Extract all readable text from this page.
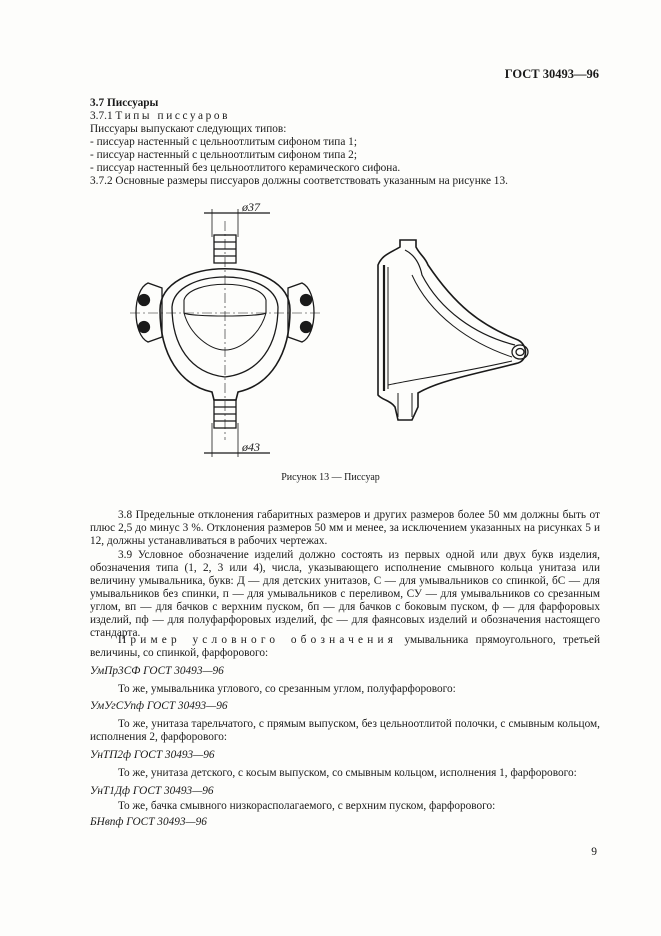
ГОСТ 30493—96

3.7 Писсуары

3.7.1 Типы писсуаров

Писсуары выпускают следующих типов:

- писсуар настенный с цельноотлитым сифоном типа 1;

- писсуар настенный с цельноотлитым сифоном типа 2;

- писсуар настенный без цельноотлитого керамического сифона.

3.7.2 Основные размеры писсуаров должны соответствовать указанным на рисунке 13.

ø37
ø43
Рисунок 13 — Писсуар

3.8 Предельные отклонения габаритных размеров и других размеров более 50 мм должны быть от плюс 2,5 до минус 3 %. Отклонения размеров 50 мм и менее, за исключением указанных на рисунках 5 и 12, должны устанавливаться в рабочих чертежах.

3.9 Условное обозначение изделий должно состоять из первых одной или двух букв изделия, обозначения типа (1, 2, 3 или 4), числа, указывающего исполнение смывного кольца унитаза или величину умывальника, букв: Д — для детских унитазов, С — для умывальников со спинкой, бС — для умывальников без спинки, п — для умывальников с переливом, СУ — для умывальников со срезанным углом, вп — для бачков с верхним пуском, бп — для бачков с боковым пуском, ф — для фарфоровых изделий, пф — для полуфарфоровых изделий, фс — для фаянсовых изделий и обозначения настоящего стандарта.

Пример условного обозначения умывальника прямоугольного, третьей величины, со спинкой, фарфорового:

УмПр3СФ ГОСТ 30493—96

То же, умывальника углового, со срезанным углом, полуфарфорового:

УмУгСУпф ГОСТ 30493—96

То же, унитаза тарельчатого, с прямым выпуском, без цельноотлитой полочки, с смывным кольцом, исполнения 2, фарфорового:

УнТП2ф ГОСТ 30493—96

То же, унитаза детского, с косым выпуском, со смывным кольцом, исполнения 1, фарфорового:

УнТ1Дф ГОСТ 30493—96

То же, бачка смывного низкорасполагаемого, с верхним пуском, фарфорового:

БНвпф ГОСТ 30493—96

9
